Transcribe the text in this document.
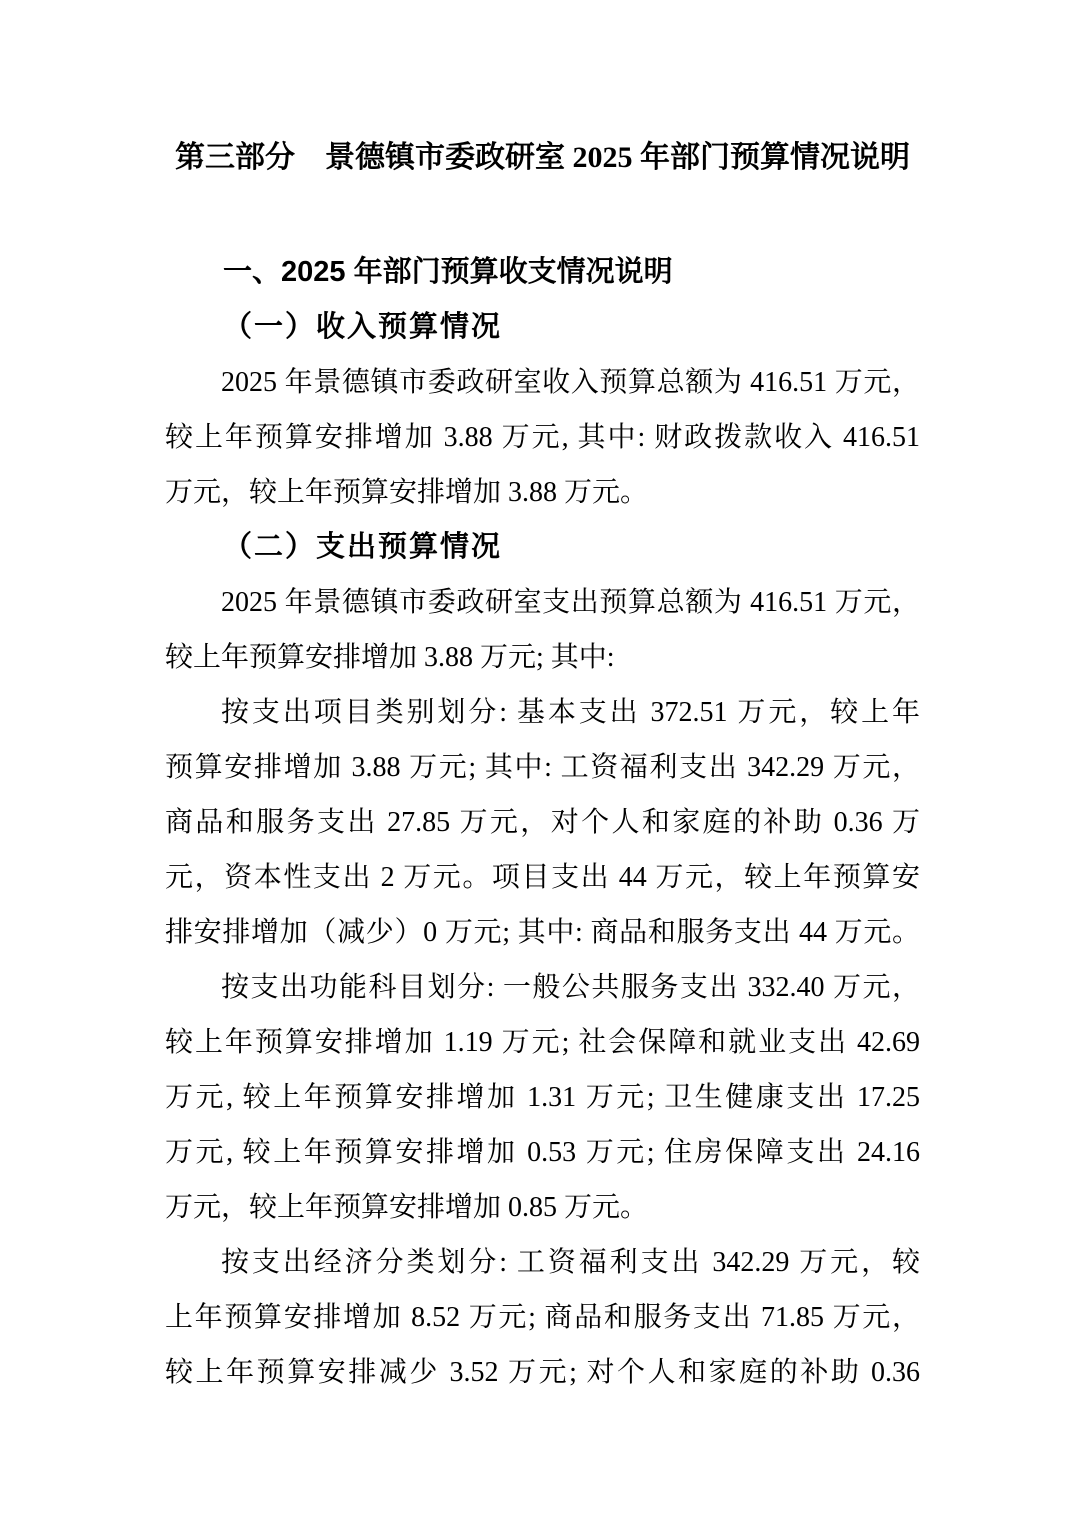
第三部分　景德镇市委政研室 2025 年部门预算情况说明
一、2025 年部门预算收支情况说明
（一）收入预算情况

2025 年景德镇市委政研室收入预算总额为 416.51 万元，

较上年预算安排增加 3.88 万元, 其中: 财政拨款收入 416.51

万元，较上年预算安排增加 3.88 万元。

（二）支出预算情况

2025 年景德镇市委政研室支出预算总额为 416.51 万元，

较上年预算安排增加 3.88 万元; 其中:

按支出项目类别划分: 基本支出 372.51 万元，较上年

预算安排增加 3.88 万元; 其中: 工资福利支出 342.29 万元，

商品和服务支出 27.85 万元，对个人和家庭的补助 0.36 万

元，资本性支出 2 万元。项目支出 44 万元，较上年预算安

排安排增加（减少）0 万元; 其中: 商品和服务支出 44 万元。

按支出功能科目划分: 一般公共服务支出 332.40 万元，

较上年预算安排增加 1.19 万元; 社会保障和就业支出 42.69

万元, 较上年预算安排增加 1.31 万元; 卫生健康支出 17.25

万元, 较上年预算安排增加 0.53 万元; 住房保障支出 24.16

万元，较上年预算安排增加 0.85 万元。

按支出经济分类划分: 工资福利支出 342.29 万元，较

上年预算安排增加 8.52 万元; 商品和服务支出 71.85 万元，

较上年预算安排减少 3.52 万元; 对个人和家庭的补助 0.36
